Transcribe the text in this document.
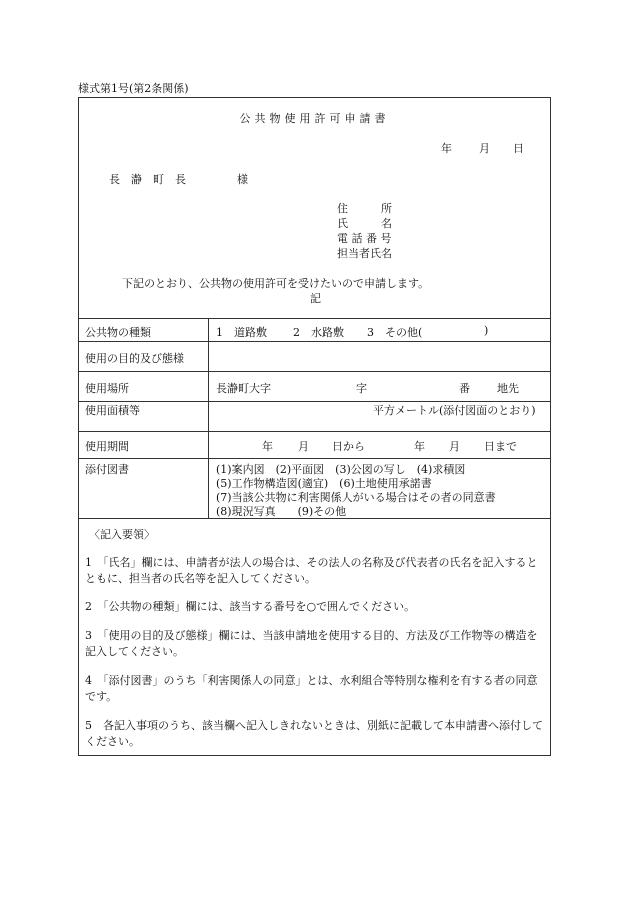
様式第1号(第2条関係)
公共物使用許可申請書
年 月 日
長　瀞　町　長	様
住　　　所
氏　　　名
電 話 番 号
担当者氏名
下記のとおり、公共物の使用許可を受けたいので申請します。
記
公共物の種類	1　道路敷 2　水路敷 3　その他(	)
使用の目的及び態様
使用場所	長瀞町大字	字	番 地先
使用面積等	平方メートル(添付図面のとおり)
使用期間	年 月 日から	年 月 日まで
添付図書	(1)案内図　(2)平面図　(3)公図の写し　(4)求積図
(5)工作物構造図(適宜)　(6)土地使用承諾書
(7)当該公共物に利害関係人がいる場合はその者の同意書
(8)現況写真　　(9)その他
〈記入要領〉
1　「氏名」欄には、申請者が法人の場合は、その法人の名称及び代表者の氏名を記入するとともに、担当者の氏名等を記入してください。
2　「公共物の種類」欄には、該当する番号を○で囲んでください。
3　「使用の目的及び態様」欄には、当該申請地を使用する目的、方法及び工作物等の構造を記入してください。
4　「添付図書」のうち「利害関係人の同意」とは、水利組合等特別な権利を有する者の同意です。
5　各記入事項のうち、該当欄へ記入しきれないときは、別紙に記載して本申請書へ添付してください。
